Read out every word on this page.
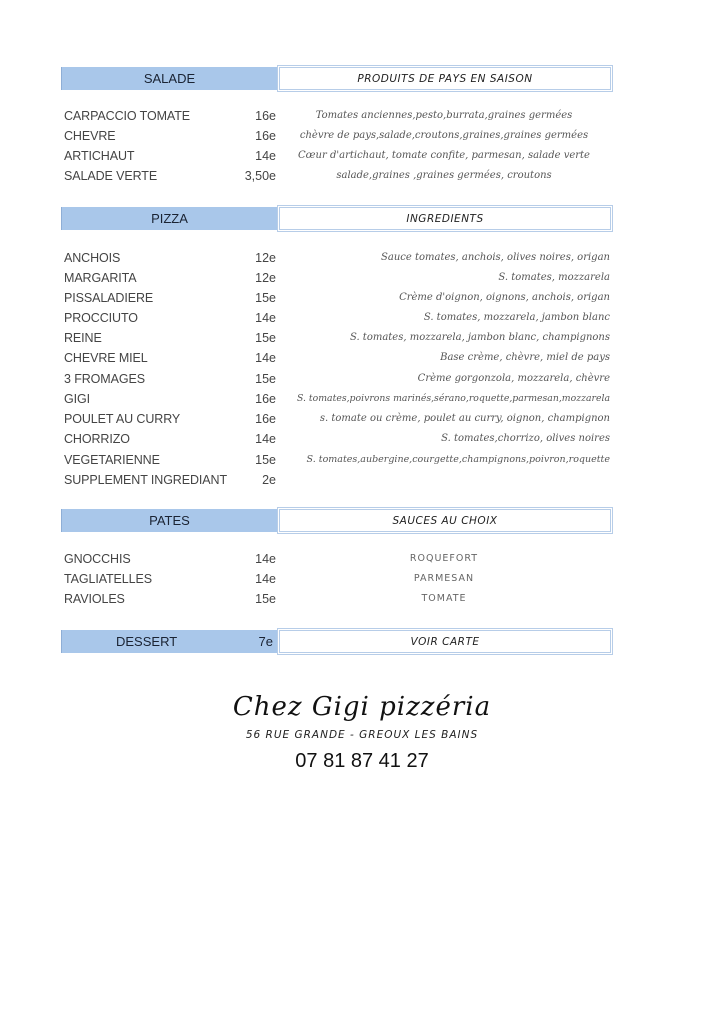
SALADE	PRODUITS DE PAYS EN SAISON
CARPACCIO TOMATE	16e	Tomates anciennes,pesto,burrata,graines germées
CHEVRE	16e	chèvre de pays,salade,croutons,graines,graines germées
ARTICHAUT	14e	Cœur d'artichaut, tomate confite, parmesan, salade verte
SALADE VERTE	3,50e	salade,graines ,graines germées, croutons
PIZZA	INGREDIENTS
ANCHOIS	12e	Sauce tomates, anchois, olives noires, origan
MARGARITA	12e	S. tomates, mozzarela
PISSALADIERE	15e	Crème d'oignon, oignons, anchois, origan
PROCCIUTO	14e	S. tomates, mozzarela, jambon blanc
REINE	15e	S. tomates, mozzarela, jambon blanc, champignons
CHEVRE MIEL	14e	Base crème, chèvre, miel de pays
3 FROMAGES	15e	Crème gorgonzola, mozzarela, chèvre
GIGI	16e	S. tomates,poivrons marinés,sérano,roquette,parmesan,mozzarela
POULET AU CURRY	16e	s. tomate ou crème, poulet au curry, oignon, champignon
CHORRIZO	14e	S. tomates,chorrizo, olives noires
VEGETARIENNE	15e	S. tomates,aubergine,courgette,champignons,poivron,roquette
SUPPLEMENT INGREDIANT	2e
PATES	SAUCES AU CHOIX
GNOCCHIS	14e	ROQUEFORT
TAGLIATELLES	14e	PARMESAN
RAVIOLES	15e	TOMATE
DESSERT	7e	VOIR CARTE
Chez Gigi pizzéria
56 RUE GRANDE - GREOUX LES BAINS
07 81 87 41 27
